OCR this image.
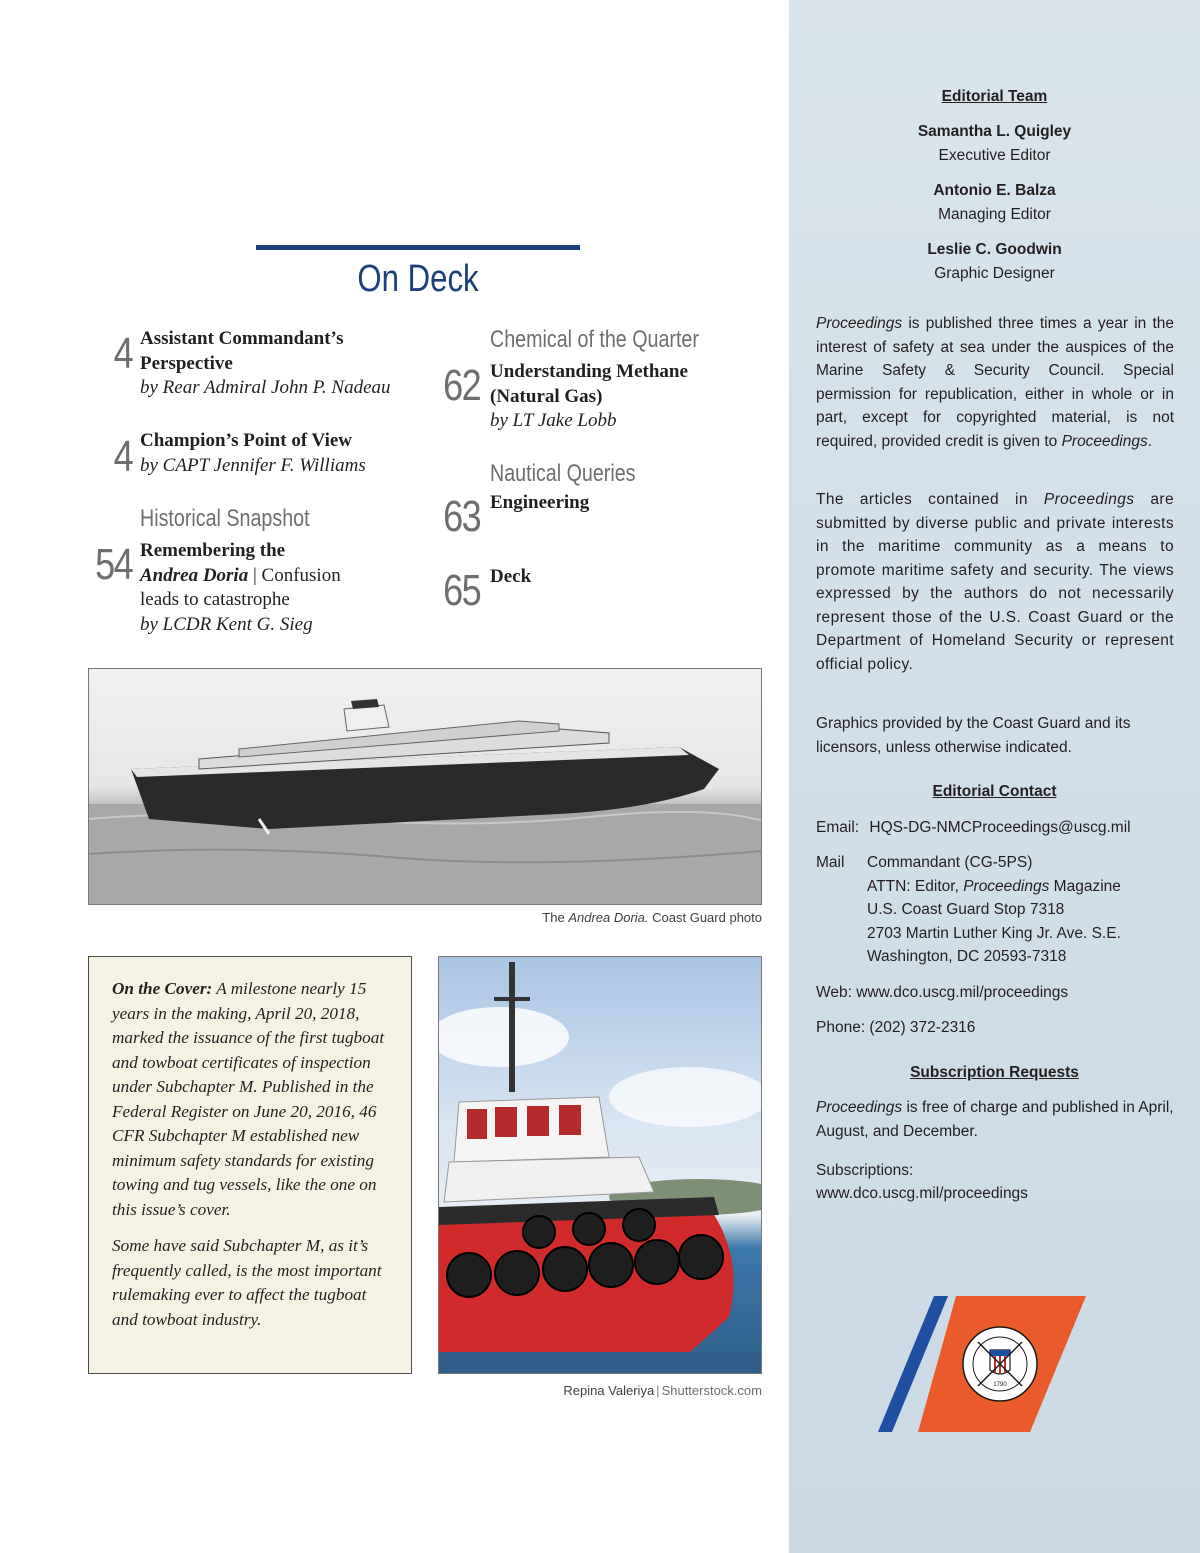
On Deck
4 Assistant Commandant’s Perspective
by Rear Admiral John P. Nadeau
4 Champion’s Point of View
by CAPT Jennifer F. Williams
Historical Snapshot
54 Remembering the
Andrea Doria | Confusion
leads to catastrophe
by LCDR Kent G. Sieg
Chemical of the Quarter
62 Understanding Methane (Natural Gas)
by LT Jake Lobb
Nautical Queries
63 Engineering
65 Deck
The Andrea Doria. Coast Guard photo

On the Cover: A milestone nearly 15 years in the making, April 20, 2018, marked the issuance of the first tugboat and towboat certificates of inspection under Subchapter M. Published in the Federal Register on June 20, 2016, 46 CFR Subchapter M established new minimum safety standards for existing towing and tug vessels, like the one on this issue’s cover.

Some have said Subchapter M, as it’s frequently called, is the most important rulemaking ever to affect the tugboat and towboat industry.

Repina Valeriya | Shutterstock.com
Editorial Team
Samantha L. Quigley
Executive Editor
Antonio E. Balza
Managing Editor
Leslie C. Goodwin
Graphic Designer
Proceedings is published three times a year in the interest of safety at sea under the auspices of the Marine Safety & Security Council. Special permission for republication, either in whole or in part, except for copyrighted material, is not required, provided credit is given to Proceedings.
The articles contained in Proceedings are submitted by diverse public and private interests in the maritime community as a means to promote maritime safety and security. The views expressed by the authors do not necessarily represent those of the U.S. Coast Guard or the Department of Homeland Security or represent official policy.
Graphics provided by the Coast Guard and its licensors, unless otherwise indicated.
Editorial Contact
Email: HQS-DG-NMCProceedings@uscg.mil
Mail	Commandant (CG-5PS)
ATTN: Editor, Proceedings Magazine
U.S. Coast Guard Stop 7318
2703 Martin Luther King Jr. Ave. S.E.
Washington, DC 20593-7318
Web: www.dco.uscg.mil/proceedings
Phone: (202) 372-2316
Subscription Requests
Proceedings is free of charge and published in April, August, and December.
Subscriptions:
www.dco.uscg.mil/proceedings
1790
